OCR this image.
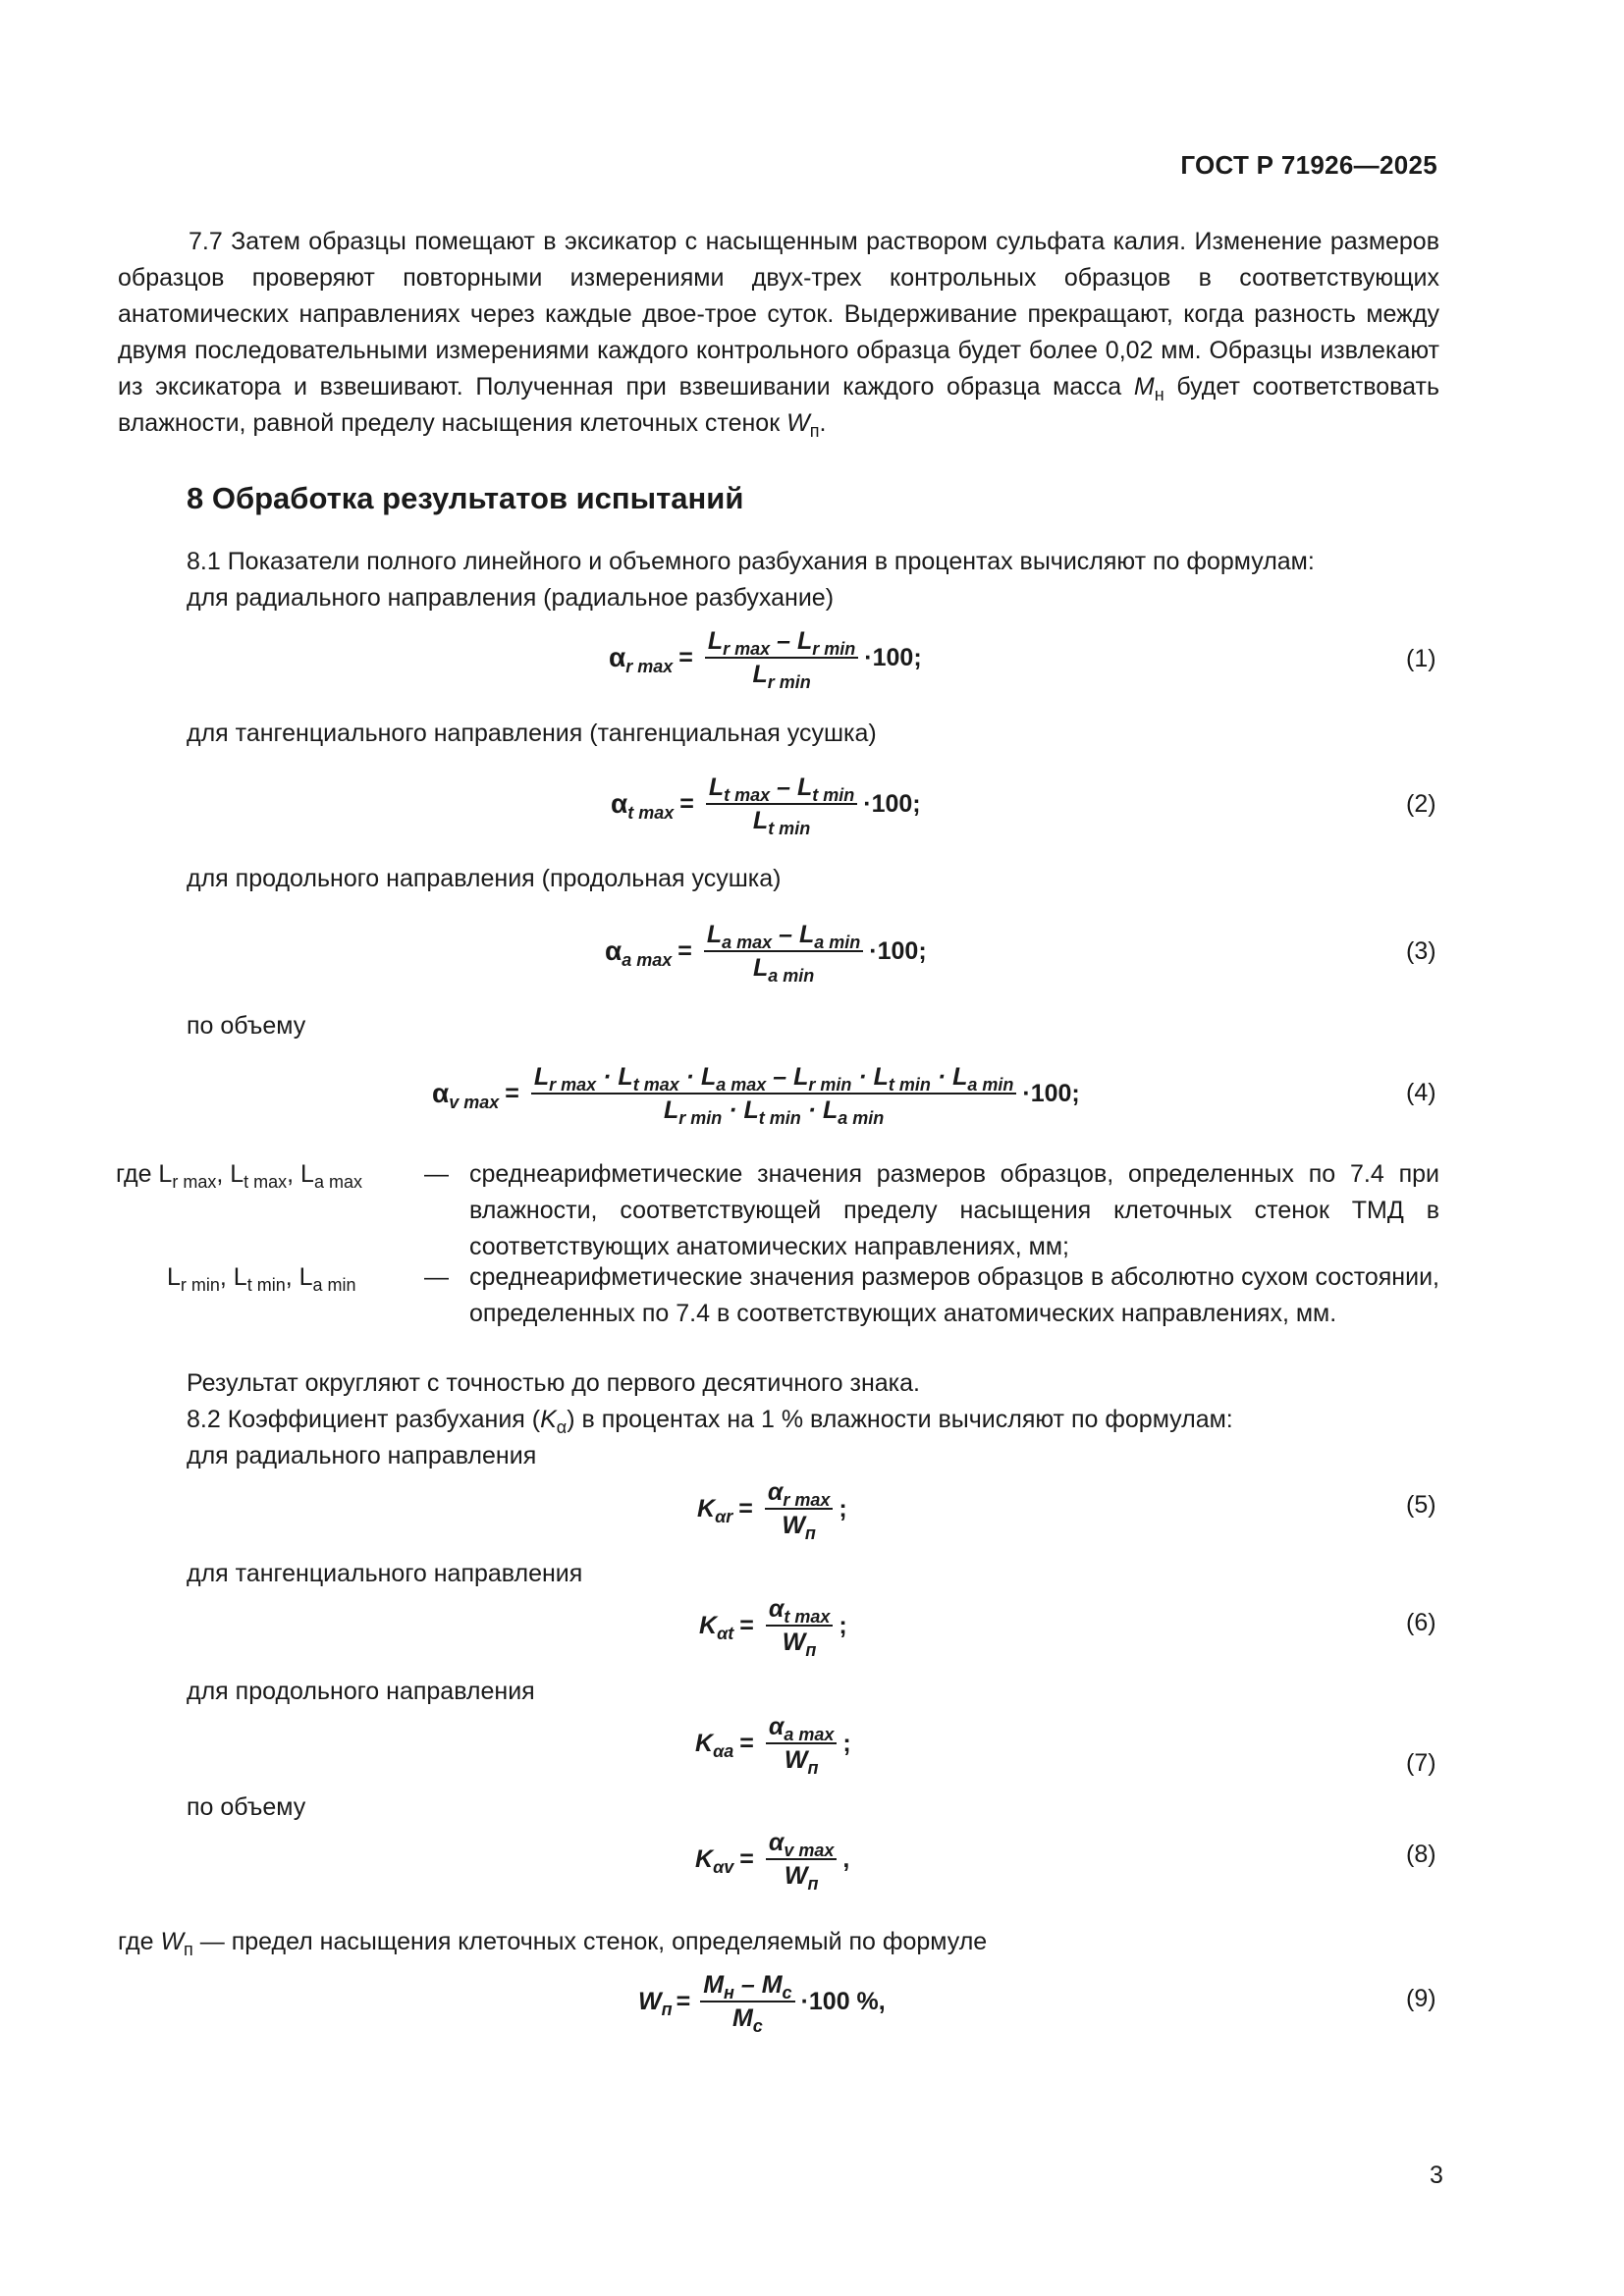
ГОСТ Р 71926—2025
7.7 Затем образцы помещают в эксикатор с насыщенным раствором сульфата калия. Изменение размеров образцов проверяют повторными измерениями двух-трех контрольных образцов в соответствующих анатомических направлениях через каждые двое-трое суток. Выдерживание прекращают, когда разность между двумя последовательными измерениями каждого контрольного образца будет более 0,02 мм. Образцы извлекают из эксикатора и взвешивают. Полученная при взвешивании каждого образца масса $M_н$ будет соответствовать влажности, равной пределу насыщения клеточных стенок $W_п$.
8 Обработка результатов испытаний
8.1 Показатели полного линейного и объемного разбухания в процентах вычисляют по формулам:
для радиального направления (радиальное разбухание)
$\alpha_{r max} = \frac{L_{r max} - L_{r min}}{L_{r min}} \cdot 100$;	(1)
для тангенциального направления (тангенциальная усушка)
$\alpha_{t max} = \frac{L_{t max} - L_{t min}}{L_{t min}} \cdot 100$;	(2)
для продольного направления (продольная усушка)
$\alpha_{a max} = \frac{L_{a max} - L_{a min}}{L_{a min}} \cdot 100$;	(3)
по объему
$\alpha_{v max} = \frac{L_{r max} \cdot L_{t max} \cdot L_{a max} - L_{r min} \cdot L_{t min} \cdot L_{a min}}{L_{r min} \cdot L_{t min} \cdot L_{a min}} \cdot 100$;	(4)
где $L_{r max}$, $L_{t max}$, $L_{a max}$	— среднеарифметические значения размеров образцов, определенных по 7.4 при влажности, соответствующей пределу насыщения клеточных стенок ТМД в соответствующих анатомических направлениях, мм;
$L_{r min}$, $L_{t min}$, $L_{a min}$	— среднеарифметические значения размеров образцов в абсолютно сухом состоянии, определенных по 7.4 в соответствующих анатомических направлениях, мм.
Результат округляют с точностью до первого десятичного знака.
8.2 Коэффициент разбухания $(K_\alpha)$ в процентах на 1 % влажности вычисляют по формулам:
для радиального направления
$K_{\alpha r} = \frac{\alpha_{r max}}{W_п}$ ;	(5)
для тангенциального направления
$K_{\alpha t} = \frac{\alpha_{t max}}{W_п}$ ;	(6)
для продольного направления
$K_{\alpha a} = \frac{\alpha_{a max}}{W_п}$ ;
(7)
по объему
$K_{\alpha v} = \frac{\alpha_{v max}}{W_п}$ ,	(8)
где $W_п$ — предел насыщения клеточных стенок, определяемый по формуле
$W_п = \frac{M_н - M_с}{M_с} \cdot 100$ %,	(9)
3
